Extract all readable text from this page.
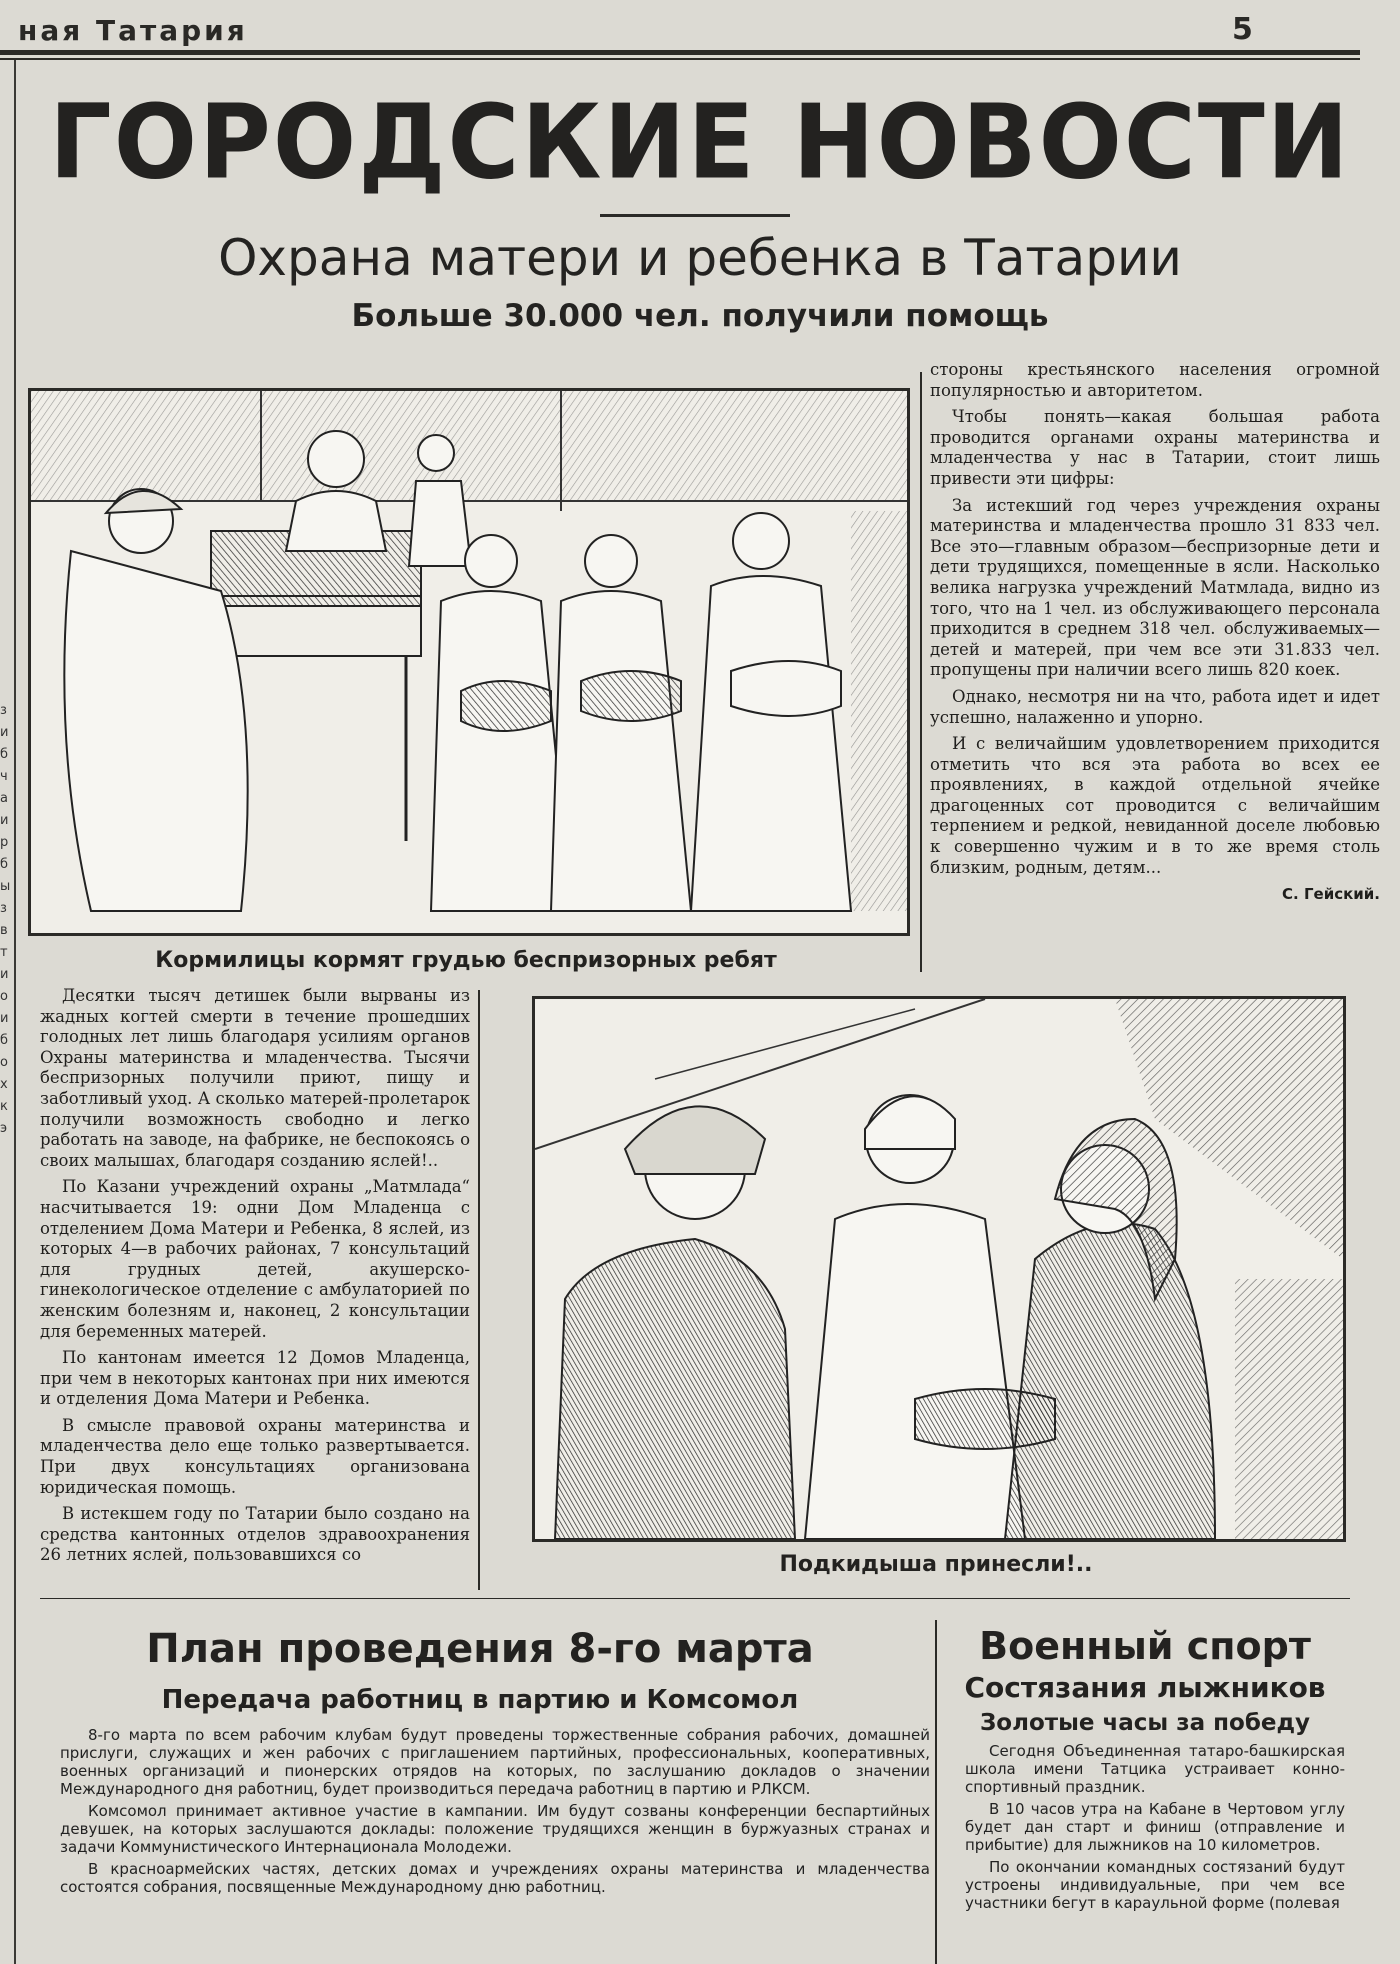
ная Татария	5
з и б ч а и р б ы з в т и о и б о х к э
ГОРОДСКИЕ НОВОСТИ
Охрана матери и ребенка в Татарии
Больше 30.000 чел. получили помощь
Кормилицы кормят грудью беспризорных ребят

стороны крестьянского населения огромной популярностью и авторитетом.

Чтобы понять—какая большая работа проводится органами охраны материнства и младенчества у нас в Татарии, стоит лишь привести эти цифры:

За истекший год через учреждения охраны материнства и младенчества прошло 31 833 чел. Все это—главным образом—беспризорные дети и дети трудящихся, помещенные в ясли. Насколько велика нагрузка учреждений Матмлада, видно из того, что на 1 чел. из обслуживающего персонала приходится в среднем 318 чел. обслуживаемых—детей и матерей, при чем все эти 31.833 чел. пропущены при наличии всего лишь 820 коек.

Однако, несмотря ни на что, работа идет и идет успешно, налаженно и упорно.

И с величайшим удовлетворением приходится отметить что вся эта работа во всех ее проявлениях, в каждой отдельной ячейке драгоценных сот проводится с величайшим терпением и редкой, невиданной доселе любовью к совершенно чужим и в то же время столь близким, родным, детям...

С. Гейский.

Десятки тысяч детишек были вырваны из жадных когтей смерти в течение прошедших голодных лет лишь благодаря усилиям органов Охраны материнства и младенчества. Тысячи беспризорных получили приют, пищу и заботливый уход. А сколько матерей-пролетарок получили возможность свободно и легко работать на заводе, на фабрике, не беспокоясь о своих малышах, благодаря созданию яслей!..

По Казани учреждений охраны „Матмлада“ насчитывается 19: одни Дом Младенца с отделением Дома Матери и Ребенка, 8 яслей, из которых 4—в рабочих районах, 7 консультаций для грудных детей, акушерско-гинекологическое отделение с амбулаторией по женским болезням и, наконец, 2 консультации для беременных матерей.

По кантонам имеется 12 Домов Младенца, при чем в некоторых кантонах при них имеются и отделения Дома Матери и Ребенка.

В смысле правовой охраны материнства и младенчества дело еще только развертывается. При двух консультациях организована юридическая помощь.

В истекшем году по Татарии было создано на средства кантонных отделов здравоохранения 26 летних яслей, пользовавшихся со	Подкидыша принесли!..
План проведения 8-го марта
Передача работниц в партию и Комсомол

8-го марта по всем рабочим клубам будут проведены торжественные собрания рабочих, домашней прислуги, служащих и жен рабочих с приглашением партийных, профессиональных, кооперативных, военных организаций и пионерских отрядов на которых, по заслушанию докладов о значении Международного дня работниц, будет производиться передача работниц в партию и РЛКСМ.

Комсомол принимает активное участие в кампании. Им будут созваны конференции беспартийных девушек, на которых заслушаются доклады: положение трудящихся женщин в буржуазных странах и задачи Коммунистического Интернационала Молодежи.

В красноармейских частях, детских домах и учреждениях охраны материнства и младенчества состоятся собрания, посвященные Международному дню работниц.

Военный спорт
Состязания лыжников
Золотые часы за победу

Сегодня Объединенная татаро-башкирская школа имени Татцика устраивает конно-спортивный праздник.

В 10 часов утра на Кабане в Чертовом углу будет дан старт и финиш (отправление и прибытие) для лыжников на 10 километров.

По окончании командных состязаний будут устроены индивидуальные, при чем все участники бегут в караульной форме (полевая
